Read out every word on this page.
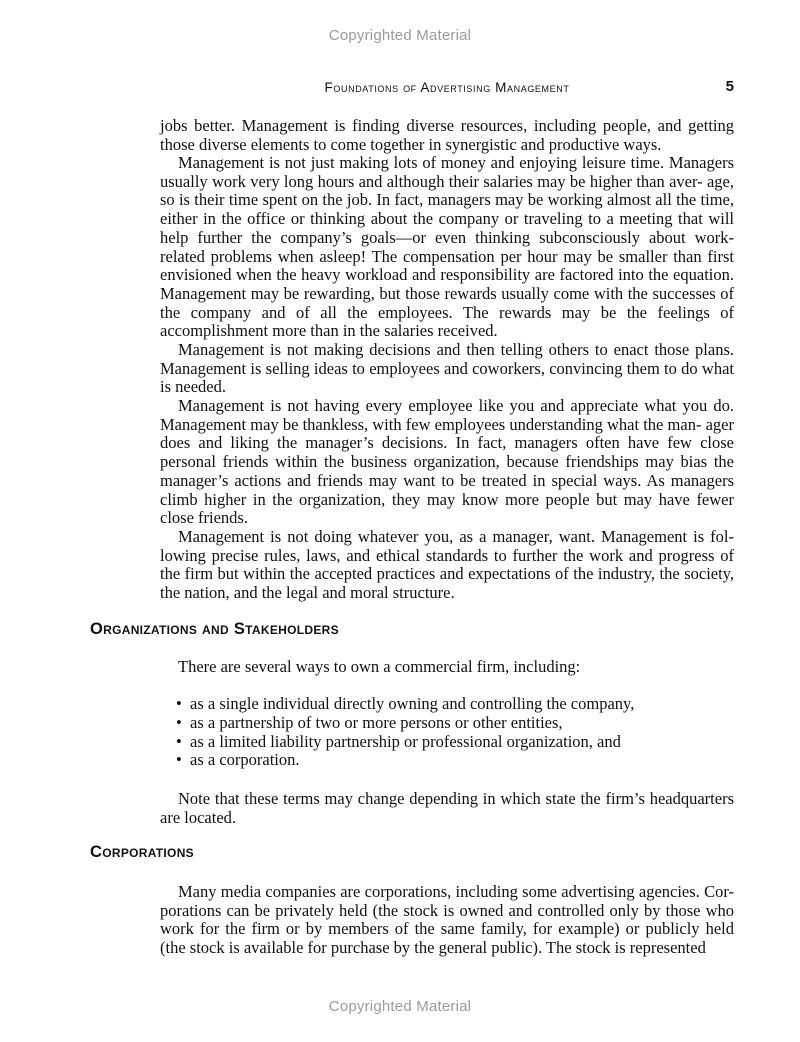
Copyrighted Material
Foundations of Advertising Management	5

jobs better. Management is finding diverse resources, including people, and getting those diverse elements to come together in synergistic and productive ways.

Management is not just making lots of money and enjoying leisure time. Managers usually work very long hours and although their salaries may be higher than aver- age, so is their time spent on the job. In fact, managers may be working almost all the time, either in the office or thinking about the company or traveling to a meeting that will help further the company’s goals—or even thinking subconsciously about work-related problems when asleep! The compensation per hour may be smaller than first envisioned when the heavy workload and responsibility are factored into the equation. Management may be rewarding, but those rewards usually come with the successes of the company and of all the employees. The rewards may be the feelings of accomplishment more than in the salaries received.

Management is not making decisions and then telling others to enact those plans. Management is selling ideas to employees and coworkers, convincing them to do what is needed.

Management is not having every employee like you and appreciate what you do. Management may be thankless, with few employees understanding what the man- ager does and liking the manager’s decisions. In fact, managers often have few close personal friends within the business organization, because friendships may bias the manager’s actions and friends may want to be treated in special ways. As managers climb higher in the organization, they may know more people but may have fewer close friends.

Management is not doing whatever you, as a manager, want. Management is fol- lowing precise rules, laws, and ethical standards to further the work and progress of the firm but within the accepted practices and expectations of the industry, the society, the nation, and the legal and moral structure.

Organizations and Stakeholders

There are several ways to own a commercial firm, including:

• as a single individual directly owning and controlling the company,
• as a partnership of two or more persons or other entities,
• as a limited liability partnership or professional organization, and
• as a corporation.

Note that these terms may change depending in which state the firm’s headquarters are located.

Corporations

Many media companies are corporations, including some advertising agencies. Cor- porations can be privately held (the stock is owned and controlled only by those who work for the firm or by members of the same family, for example) or publicly held (the stock is available for purchase by the general public). The stock is represented

Copyrighted Material
